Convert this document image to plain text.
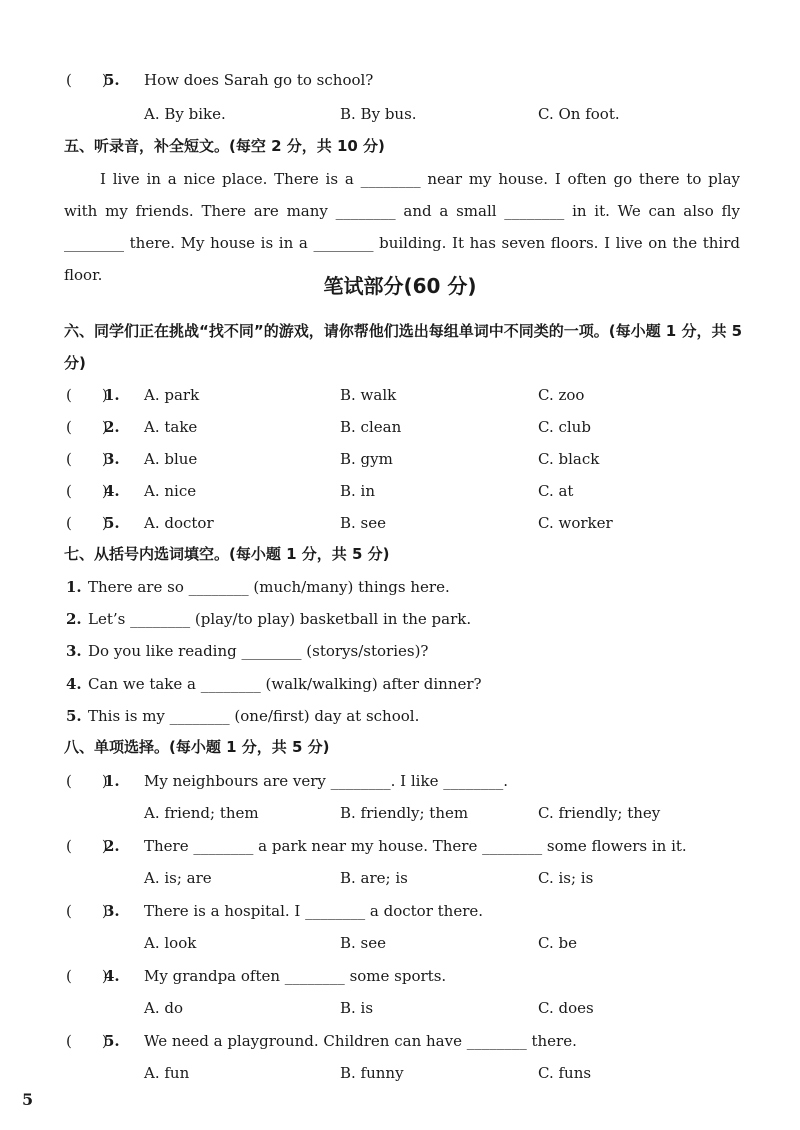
(　　)
5. How does Sarah go to school?
A. By bike.	B. By bus.	C. On foot.
五、听录音，补全短文。(每空 2 分，共 10 分)
I live in a nice place. There is a ________ near my house. I often go there to play with my friends. There are many ________ and a small ________ in it. We can also fly ________ there. My house is in a ________ building. It has seven floors. I live on the third floor.	笔试部分(60 分)
六、同学们正在挑战“找不同”的游戏，请你帮他们选出每组单词中不同类的一项。(每小题 1 分，共 5 分)
(　　)
1. A. park	B. walk	C. zoo
(　　)
2. A. take	B. clean	C. club
(　　)
3. A. blue	B. gym	C. black
(　　)
4. A. nice	B. in	C. at
(　　)
5. A. doctor	B. see	C. worker
七、从括号内选词填空。(每小题 1 分，共 5 分)
1. There are so ________ (much/many) things here.
2. Let’s ________ (play/to play) basketball in the park.
3. Do you like reading ________ (storys/stories)?
4. Can we take a ________ (walk/walking) after dinner?
5. This is my ________ (one/first) day at school.
八、单项选择。(每小题 1 分，共 5 分)
(　　)
1. My neighbours are very ________. I like ________.
A. friend; them	B. friendly; them	C. friendly; they
(　　)
2. There ________ a park near my house. There ________ some flowers in it.
A. is; are	B. are; is	C. is; is
(　　)
3. There is a hospital. I ________ a doctor there.
A. look	B. see	C. be
(　　)
4. My grandpa often ________ some sports.
A. do	B. is	C. does
(　　)
5. We need a playground. Children can have ________ there.
A. fun	B. funny	C. funs
5
